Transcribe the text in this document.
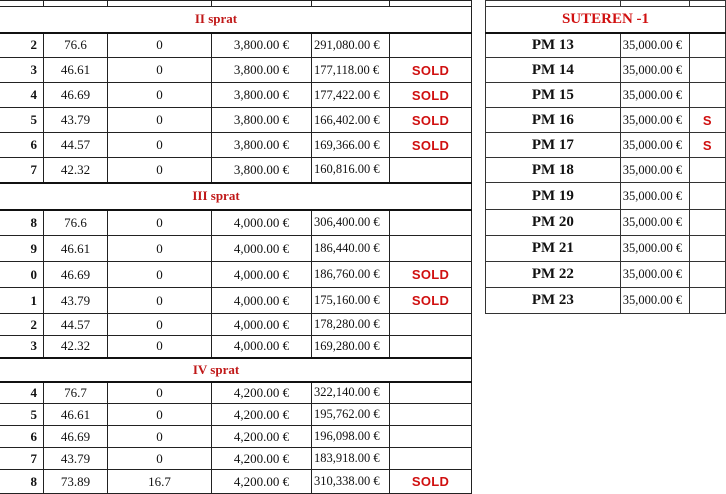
II sprat					
2	76.6	0	3,800.00 €	291,080.00 €	
3	46.61	0	3,800.00 €	177,118.00 €	SOLD
4	46.69	0	3,800.00 €	177,422.00 €	SOLD
5	43.79	0	3,800.00 €	166,402.00 €	SOLD
6	44.57	0	3,800.00 €	169,366.00 €	SOLD
7	42.32	0	3,800.00 €	160,816.00 €	
III sprat					
8	76.6	0	4,000.00 €	306,400.00 €	
9	46.61	0	4,000.00 €	186,440.00 €	
0	46.69	0	4,000.00 €	186,760.00 €	SOLD
1	43.79	0	4,000.00 €	175,160.00 €	SOLD
2	44.57	0	4,000.00 €	178,280.00 €	
3	42.32	0	4,000.00 €	169,280.00 €	
IV sprat					
4	76.7	0	4,200.00 €	322,140.00 €	
5	46.61	0	4,200.00 €	195,762.00 €	
6	46.69	0	4,200.00 €	196,098.00 €	
7	43.79	0	4,200.00 €	183,918.00 €	
8	73.89	16.7	4,200.00 €	310,338.00 €	SOLD

SUTEREN -1		
PM 13	35,000.00 €	
PM 14	35,000.00 €	
PM 15	35,000.00 €	
PM 16	35,000.00 €	S
PM 17	35,000.00 €	S
PM 18	35,000.00 €	
PM 19	35,000.00 €	
PM 20	35,000.00 €	
PM 21	35,000.00 €	
PM 22	35,000.00 €	
PM 23	35,000.00 €	
